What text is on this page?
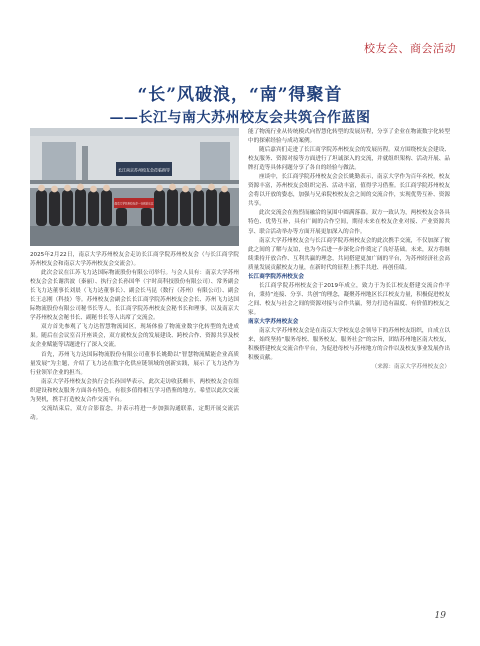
校友会、商会活动
“长”风破浪，“南”得聚首
——长江与南大苏州校友会共筑合作蓝图
长江南京苏州校友会莅临指导
南京大学苏州校友会一行到访长江

2025年2月22日，南京大学苏州校友会走访长江商学院苏州校友会（与长江商学院苏州校友会和南京大学苏州校友会交流会）。

此次会议在江苏飞力达国际物流股份有限公司举行。与会人员有：南京大学苏州校友会会长谢洪波（秦丽）、执行会长孙国华（宇时高科技股份有限公司）、常务副会长飞力达董事长刘晨（飞力达董事长）、副会长马昆（数行（苏州）有限公司）、副会长王志刚（科技）等。苏州校友会副会长长江商学院苏州校友会会长、苏州飞力达国际物流股份有限公司秘书长等人，长江商学院苏州校友会秘书长和理事，以及南京大学苏州校友会秘书长、副秘书长等人出席了交流会。

双方首先参观了飞力达智慧物流园区，现场体验了物流业数字化转型的先进成果。随后在会议室召开座谈会，双方就校友会的发展建设、跨校合作、资源共享及校友企业赋能等话题进行了深入交流。

首先，苏州飞力达国际物流股份有限公司董事长姚勤以“智慧物流赋能企业高质量发展”为主题，介绍了飞力达在数字化供应链领域的创新实践，展示了飞力达作为行业领军企业的担当。

南京大学苏州校友会执行会长孙国华表示，此次走访收获颇丰，两校校友会在组织建设和校友服务方面各有特色，有很多值得相互学习借鉴的地方。希望以此次交流为契机，携手打造校友合作交流平台。

交流结束后，双方合影留念，并表示将进一步加强沟通联系，定期开展交流活动。

能了物流行业从传统模式向智慧化转型的发展历程，分享了企业在物流数字化转型中的探索经验与成功案例。

随后嘉宾们走进了长江商学院苏州校友会的发展历程。双方围绕校友会建设、校友服务、资源对接等方面进行了坦诚深入的交流，并就组织架构、活动开展、品牌打造等具体问题分享了各自的经验与做法。

座谈中，长江商学院苏州校友会会长姚勤表示，南京大学作为百年名校，校友资源丰富，苏州校友会组织完善、活动丰富，值得学习借鉴。长江商学院苏州校友会将以开放的姿态，加强与兄弟院校校友会之间的交流合作，实现优势互补、资源共享。

此次交流会在热烈而融洽的氛围中圆满落幕。双方一致认为，两校校友会各具特色、优势互补，具有广阔的合作空间，期待未来在校友企业对接、产业资源共享、联合活动举办等方面开展更加深入的合作。

南京大学苏州校友会与长江商学院苏州校友会的此次携手交流，不仅加深了彼此之间的了解与友谊，也为今后进一步深化合作奠定了良好基础。未来，双方将继续秉持开放合作、互利共赢的理念，共同搭建更加广阔的平台，为苏州经济社会高质量发展贡献校友力量，在新时代的征程上携手共进、再创佳绩。

长江商学院苏州校友会

长江商学院苏州校友会于2019年成立，致力于为长江校友搭建交流合作平台，秉持“连接、分享、共创”的理念，凝聚苏州地区长江校友力量，积极促进校友之间、校友与社会之间的资源对接与合作共赢，努力打造有温度、有价值的校友之家。

南京大学苏州校友会

南京大学苏州校友会是在南京大学校友总会领导下的苏州校友组织，自成立以来，始终坚持“服务母校、服务校友、服务社会”的宗旨，团结苏州地区南大校友，积极搭建校友交流合作平台，为促进母校与苏州地方的合作以及校友事业发展作出积极贡献。

（来源：南京大学苏州校友会）

19
